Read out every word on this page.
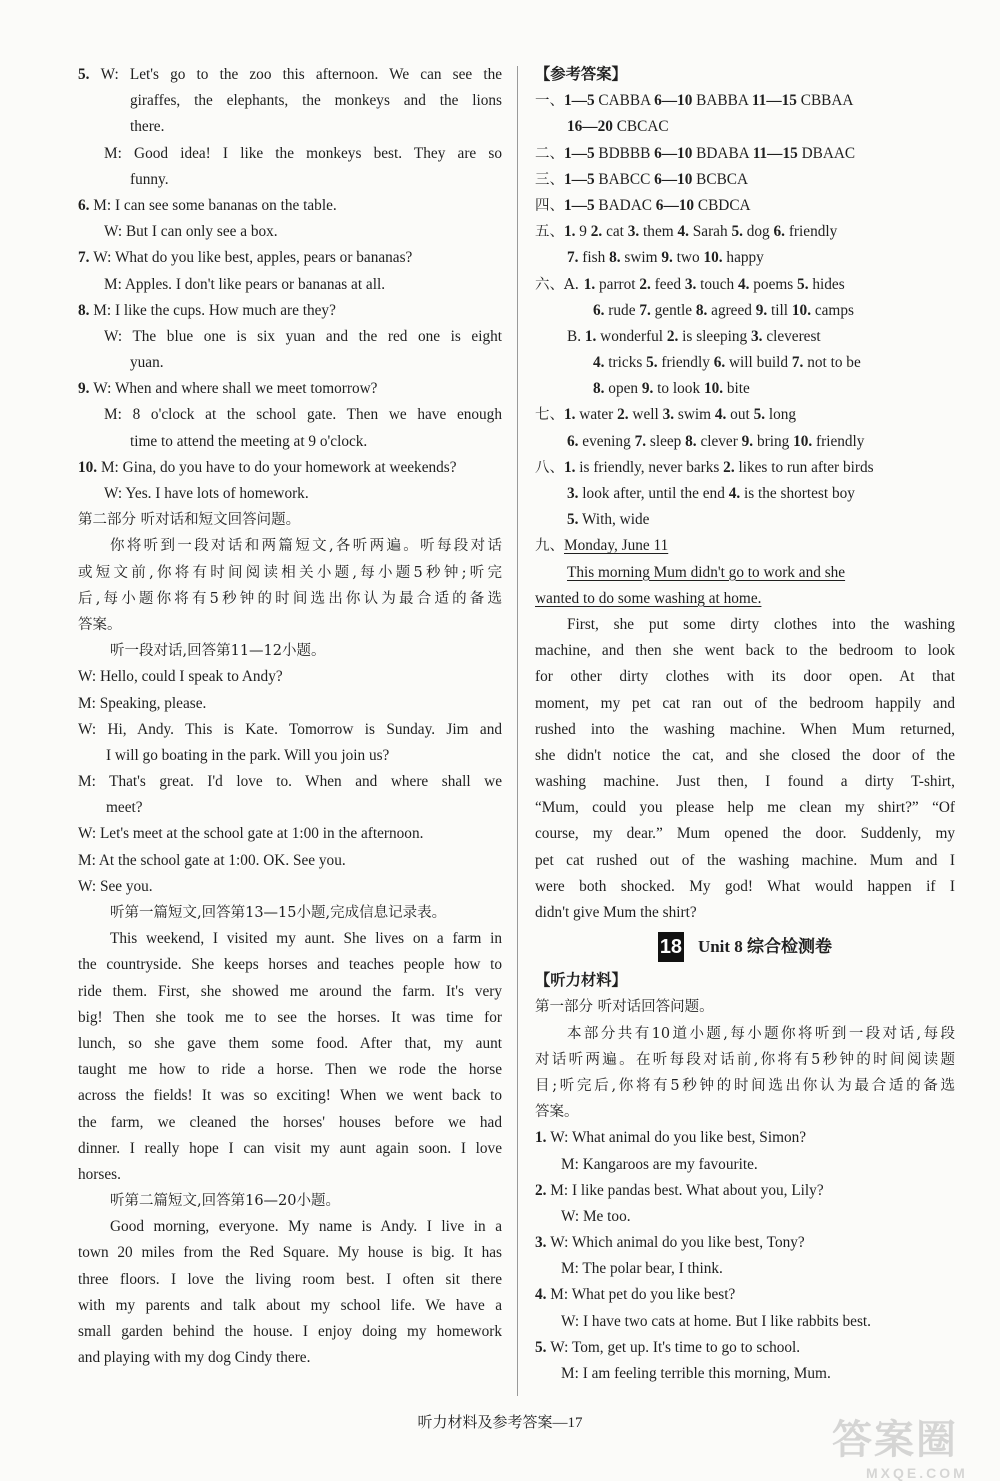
5. W: Let's go to the zoo this afternoon. We can see the
giraffes, the elephants, the monkeys and the lions
there.
M: Good idea! I like the monkeys best. They are so
funny.
6. M: I can see some bananas on the table.
W: But I can only see a box.
7. W: What do you like best, apples, pears or bananas?
M: Apples. I don't like pears or bananas at all.
8. M: I like the cups. How much are they?
W: The blue one is six yuan and the red one is eight
yuan.
9. W: When and where shall we meet tomorrow?
M: 8 o'clock at the school gate. Then we have enough
time to attend the meeting at 9 o'clock.
10. M: Gina, do you have to do your homework at weekends?
W: Yes. I have lots of homework.
第二部分 听对话和短文回答问题。
你将听到一段对话和两篇短文,各听两遍。听每段对话
或短文前,你将有时间阅读相关小题,每小题5秒钟;听完
后,每小题你将有5秒钟的时间选出你认为最合适的备选
答案。
听一段对话,回答第11—12小题。
W: Hello, could I speak to Andy?
M: Speaking, please.
W: Hi, Andy. This is Kate. Tomorrow is Sunday. Jim and
I will go boating in the park. Will you join us?
M: That's great. I'd love to. When and where shall we
meet?
W: Let's meet at the school gate at 1:00 in the afternoon.
M: At the school gate at 1:00. OK. See you.
W: See you.
听第一篇短文,回答第13—15小题,完成信息记录表。
This weekend, I visited my aunt. She lives on a farm in
the countryside. She keeps horses and teaches people how to
ride them. First, she showed me around the farm. It's very
big! Then she took me to see the horses. It was time for
lunch, so she gave them some food. After that, my aunt
taught me how to ride a horse. Then we rode the horse
across the fields! It was so exciting! When we went back to
the farm, we cleaned the horses' houses before we had
dinner. I really hope I can visit my aunt again soon. I love
horses.
听第二篇短文,回答第16—20小题。
Good morning, everyone. My name is Andy. I live in a
town 20 miles from the Red Square. My house is big. It has
three floors. I love the living room best. I often sit there
with my parents and talk about my school life. We have a
small garden behind the house. I enjoy doing my homework
and playing with my dog Cindy there.
【参考答案】
一、1—5 CABBA 6—10 BABBA 11—15 CBBAA
16—20 CBCAC
二、1—5 BDBBB 6—10 BDABA 11—15 DBAAC
三、1—5 BABCC 6—10 BCBCA
四、1—5 BADAC 6—10 CBDCA
五、1. 9 2. cat 3. them 4. Sarah 5. dog 6. friendly
7. fish 8. swim 9. two 10. happy
六、A. 1. parrot 2. feed 3. touch 4. poems 5. hides
6. rude 7. gentle 8. agreed 9. till 10. camps
B. 1. wonderful 2. is sleeping 3. cleverest
4. tricks 5. friendly 6. will build 7. not to be
8. open 9. to look 10. bite
七、1. water 2. well 3. swim 4. out 5. long
6. evening 7. sleep 8. clever 9. bring 10. friendly
八、1. is friendly, never barks 2. likes to run after birds
3. look after, until the end 4. is the shortest boy
5. With, wide
九、Monday, June 11
This morning Mum didn't go to work and she
wanted to do some washing at home.
First, she put some dirty clothes into the washing
machine, and then she went back to the bedroom to look
for other dirty clothes with its door open. At that
moment, my pet cat ran out of the bedroom happily and
rushed into the washing machine. When Mum returned,
she didn't notice the cat, and she closed the door of the
washing machine. Just then, I found a dirty T-shirt,
“Mum, could you please help me clean my shirt?” “Of
course, my dear.” Mum opened the door. Suddenly, my
pet cat rushed out of the washing machine. Mum and I
were both shocked. My god! What would happen if I
didn't give Mum the shirt?
18 Unit 8 综合检测卷
【听力材料】
第一部分 听对话回答问题。
本部分共有10道小题,每小题你将听到一段对话,每段
对话听两遍。在听每段对话前,你将有5秒钟的时间阅读题
目;听完后,你将有5秒钟的时间选出你认为最合适的备选
答案。
1. W: What animal do you like best, Simon?
M: Kangaroos are my favourite.
2. M: I like pandas best. What about you, Lily?
W: Me too.
3. W: Which animal do you like best, Tony?
M: The polar bear, I think.
4. M: What pet do you like best?
W: I have two cats at home. But I like rabbits best.
5. W: Tom, get up. It's time to go to school.
M: I am feeling terrible this morning, Mum.
听力材料及参考答案—17	答案圈
MXQE.COM
